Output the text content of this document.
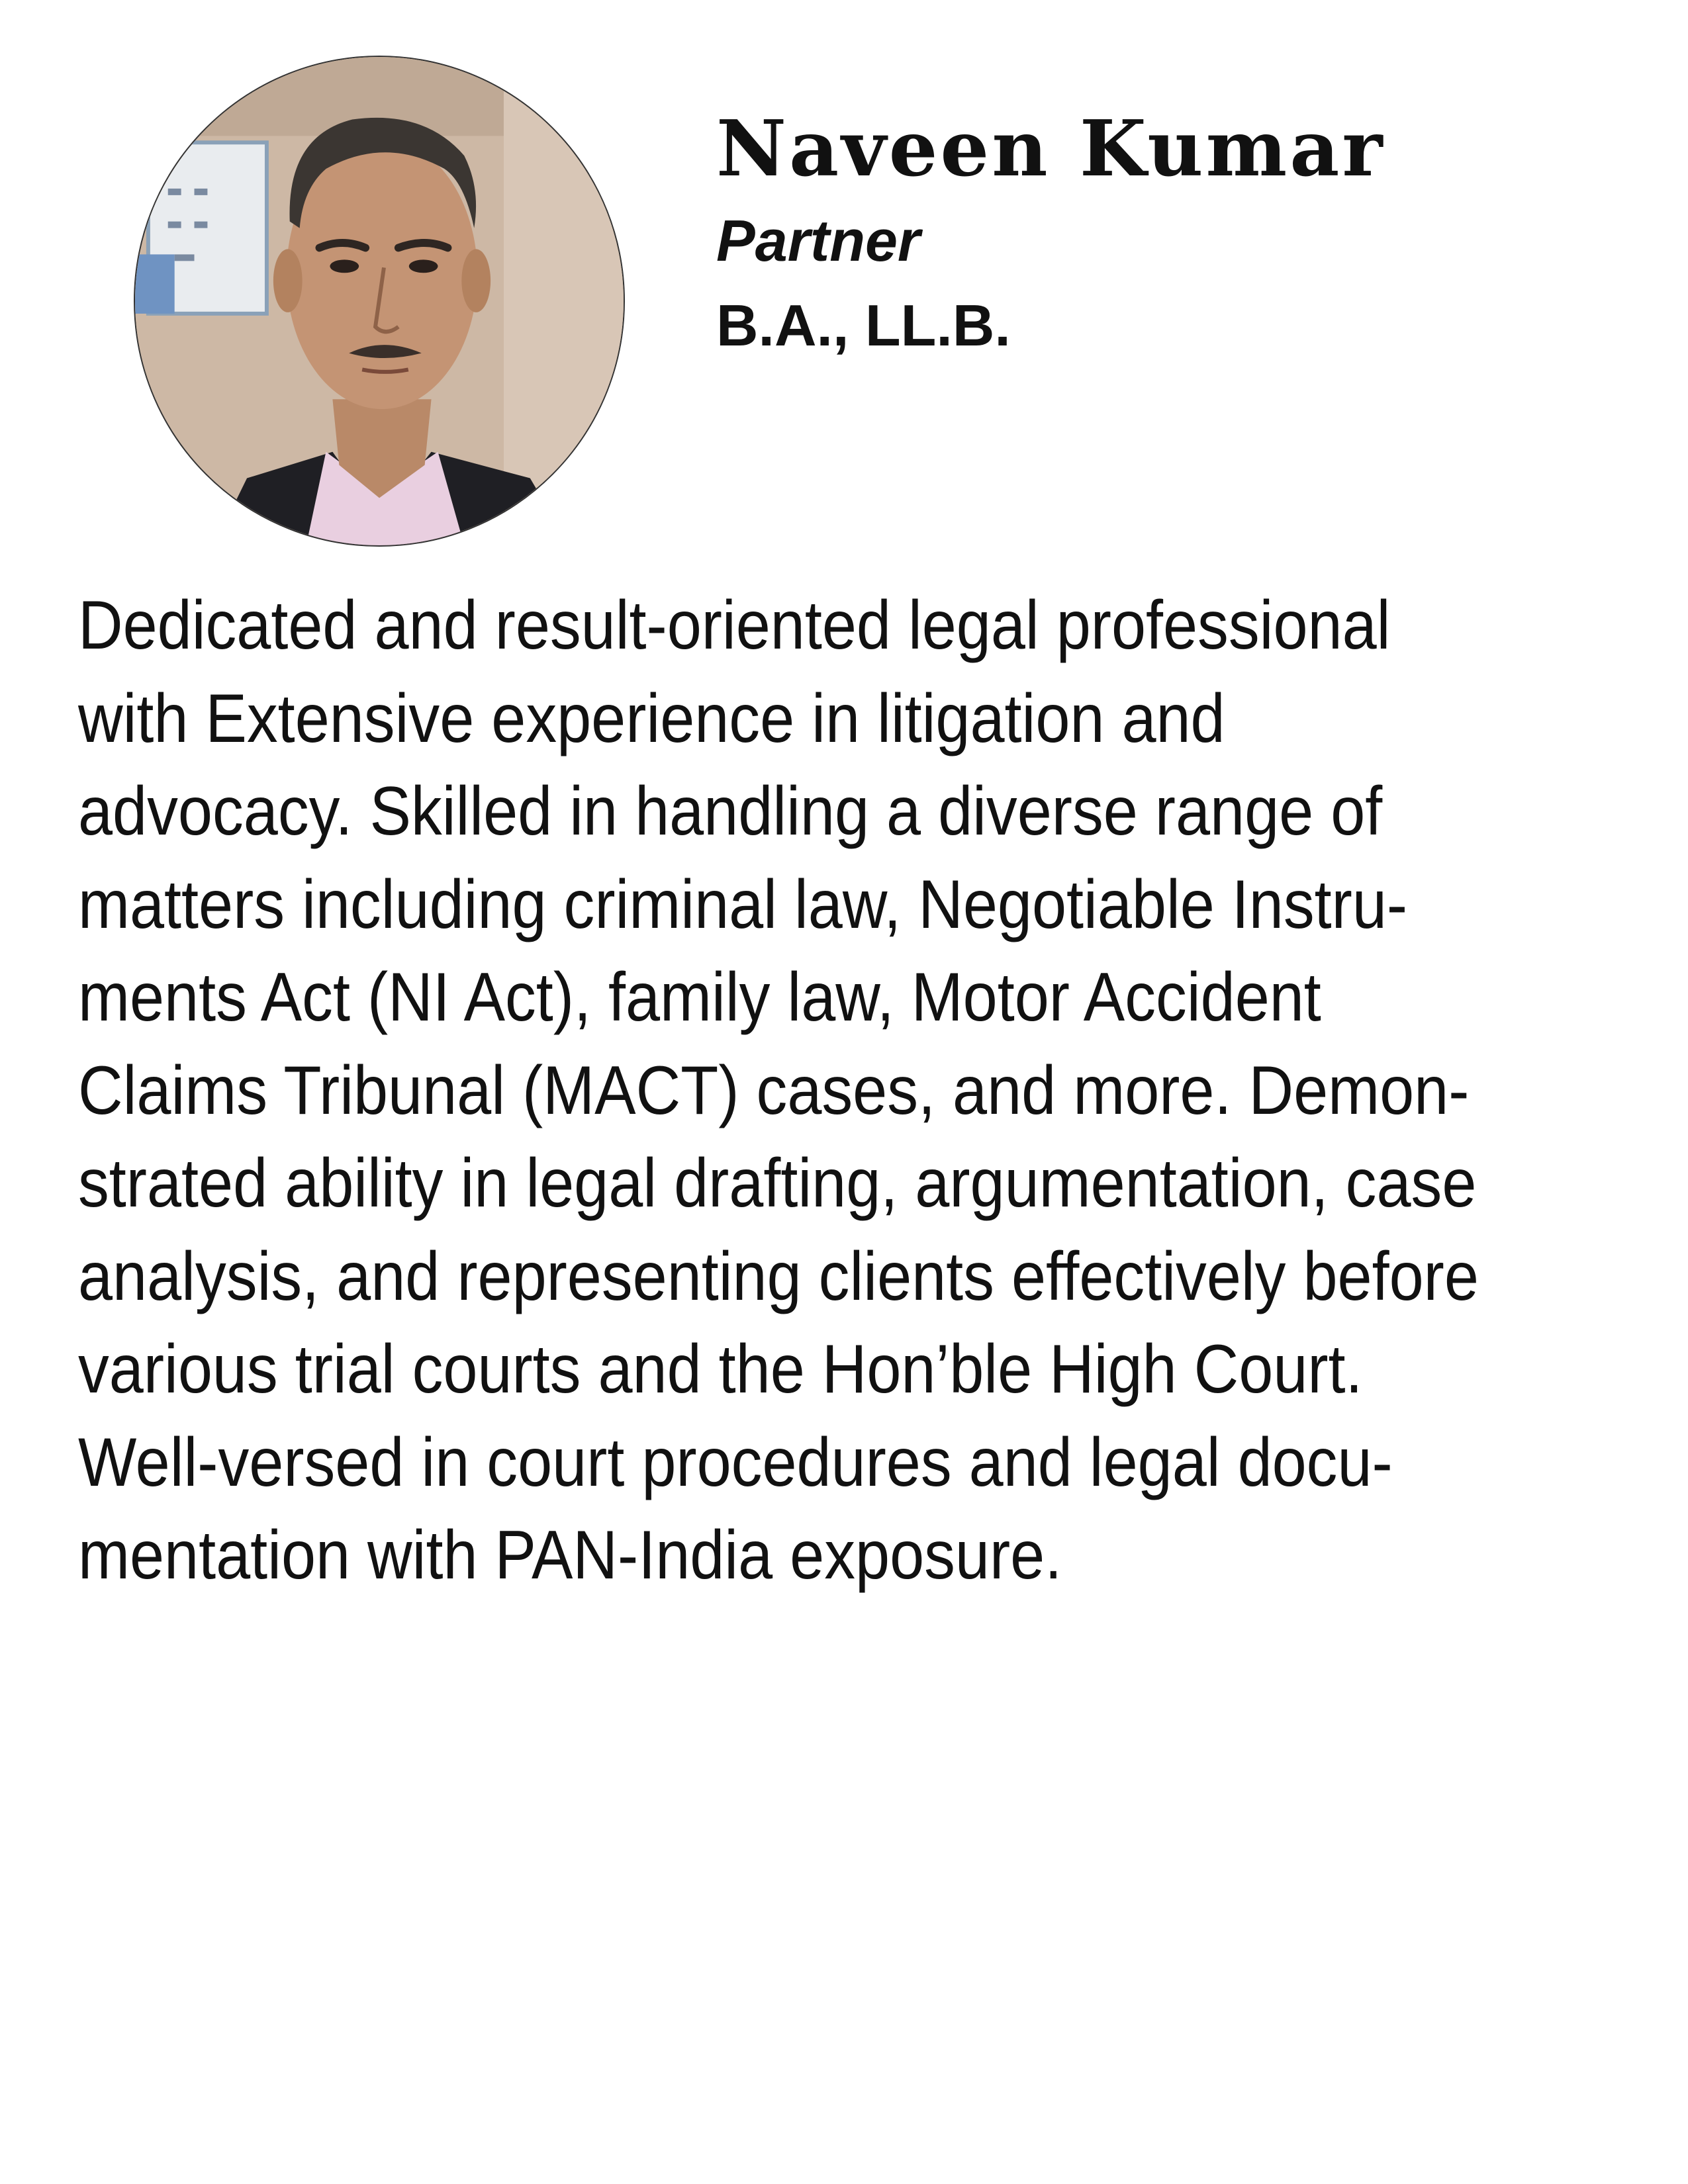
Naveen Kumar
Partner
B.A., LL.B.
Dedicated and result-oriented legal professional
with Extensive experience in litigation and
advocacy. Skilled in handling a diverse range of
matters including criminal law, Negotiable Instru-
ments Act (NI Act), family law, Motor Accident
Claims Tribunal (MACT) cases, and more. Demon-
strated ability in legal drafting, argumentation, case
analysis, and representing clients effectively before
various trial courts and the Hon’ble High Court.
Well-versed in court procedures and legal docu-
mentation with PAN-India exposure.
